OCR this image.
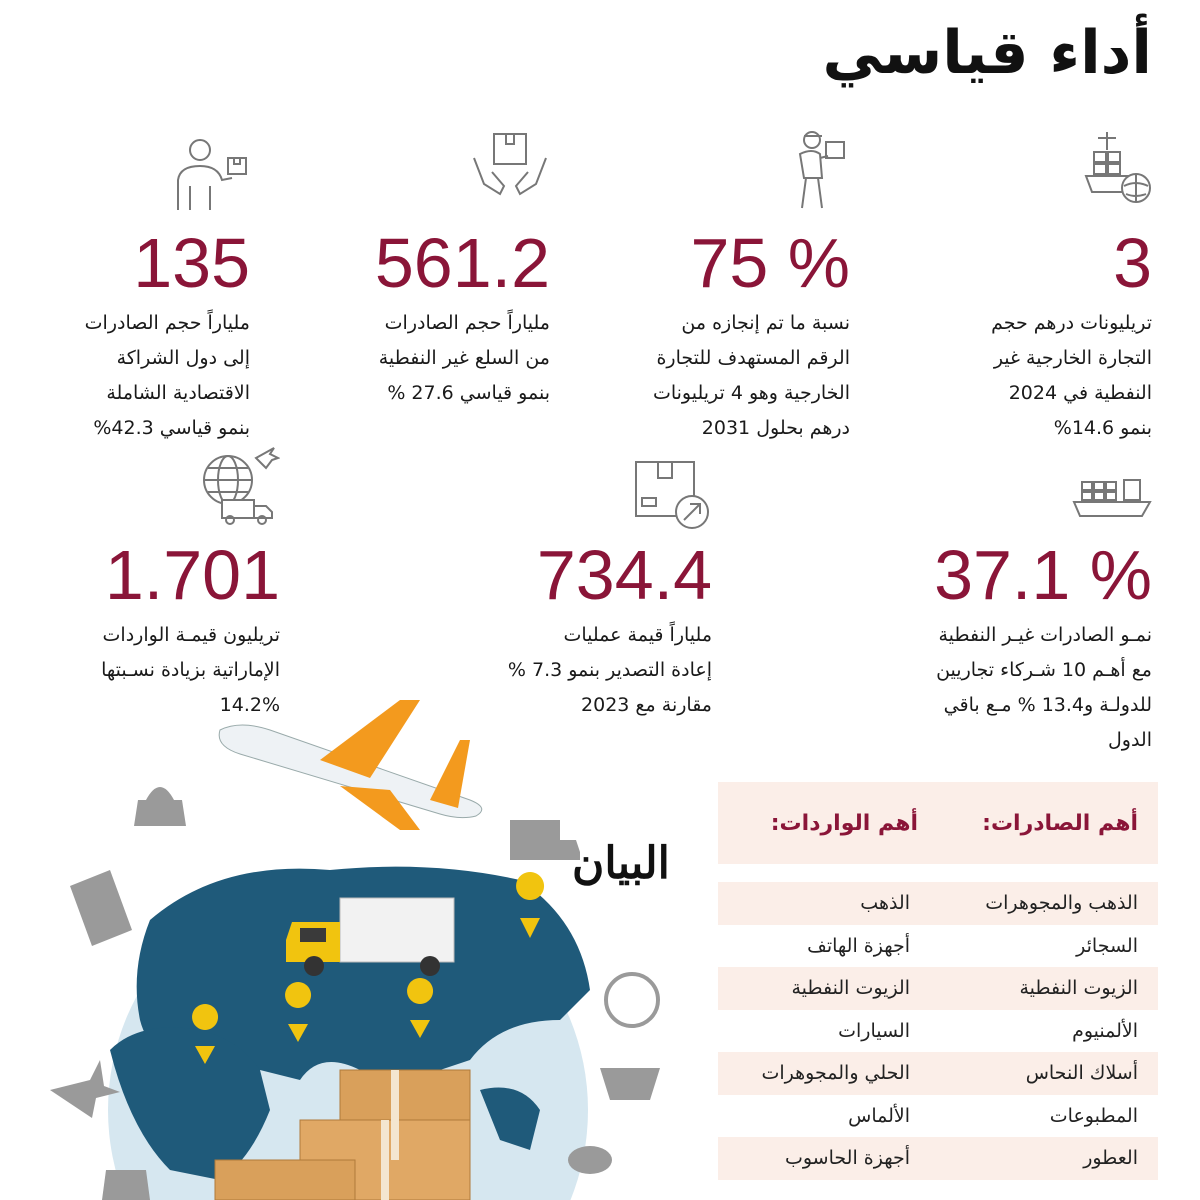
أداء قياسي
3
تريليونات درهم حجم
التجارة الخارجية غير
النفطية في 2024
بنمو 14.6%
75 %
نسبة ما تم إنجازه من
الرقم المستهدف للتجارة
الخارجية وهو 4 تريليونات
درهم بحلول 2031
561.2
ملياراً حجم الصادرات
من السلع غير النفطية
بنمو قياسي 27.6 %
135
ملياراً حجم الصادرات
إلى دول الشراكة
الاقتصادية الشاملة
بنمو قياسي 42.3%
37.1 %
نمـو الصادرات غيـر النفطية
مع أهـم 10 شـركاء تجاريين
للدولـة و13.4 % مـع باقي
الدول
734.4
ملياراً قيمة عمليات
إعادة التصدير بنمو 7.3 %
مقارنة مع 2023
1.701
تريليون قيمـة الواردات
الإماراتية بزيادة نسـبتها
14.2%
أهم الصادرات:
أهم الواردات:
الذهب والمجوهرات
الذهب
السجائر
أجهزة الهاتف
الزيوت النفطية
الزيوت النفطية
الألمنيوم
السيارات
أسلاك النحاس
الحلي والمجوهرات
المطبوعات
الألماس
العطور
أجهزة الحاسوب
البيان
